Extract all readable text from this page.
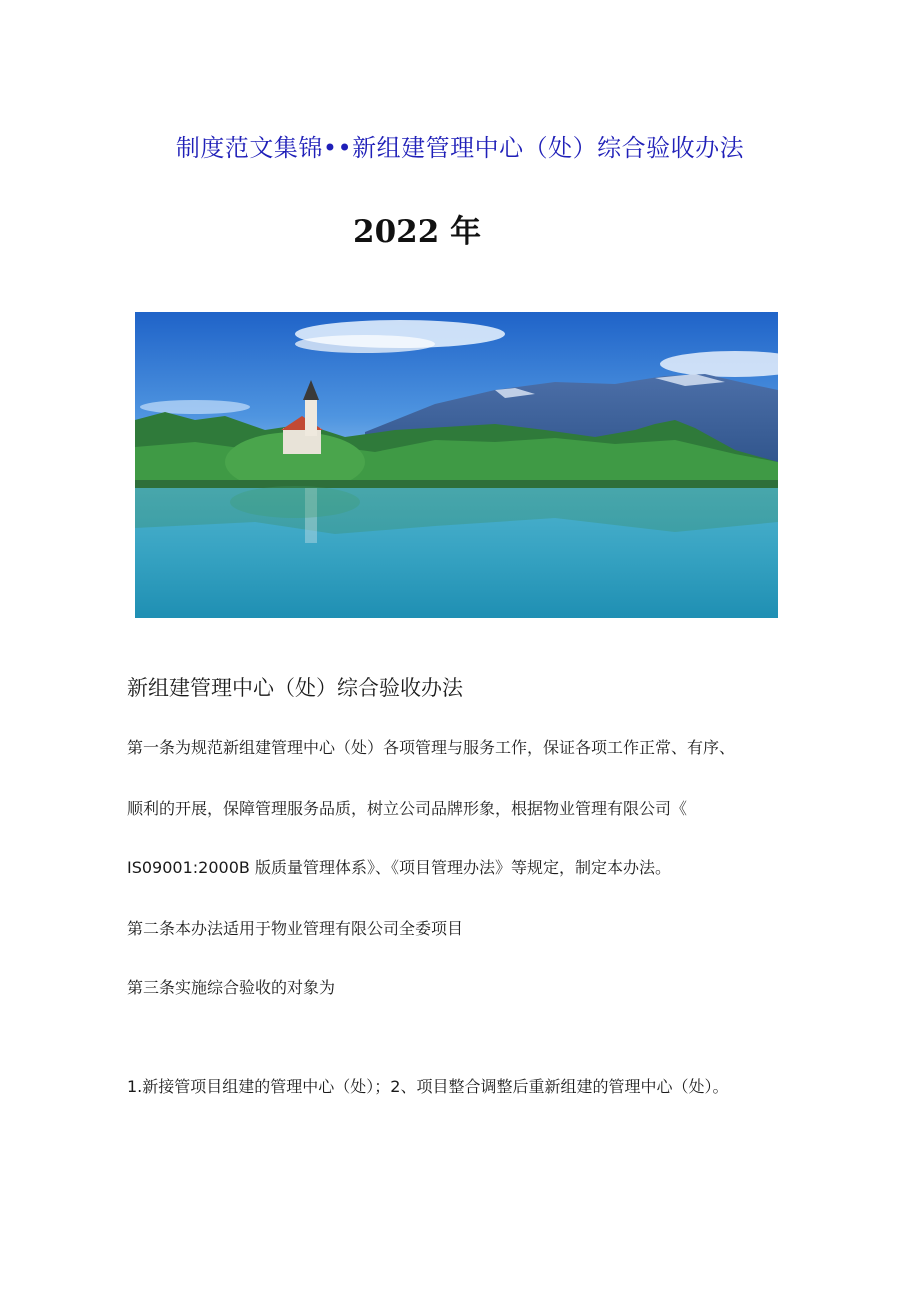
制度范文集锦••新组建管理中心（处）综合验收办法
2022 年
新组建管理中心（处）综合验收办法
第一条为规范新组建管理中心（处）各项管理与服务工作，保证各项工作正常、有序、
顺利的开展，保障管理服务品质，树立公司品牌形象，根据物业管理有限公司《
IS09001:2000B 版质量管理体系》、《项目管理办法》等规定，制定本办法。
第二条本办法适用于物业管理有限公司全委项目
第三条实施综合验收的对象为
1.新接管项目组建的管理中心（处）；2、项目整合调整后重新组建的管理中心（处）。
